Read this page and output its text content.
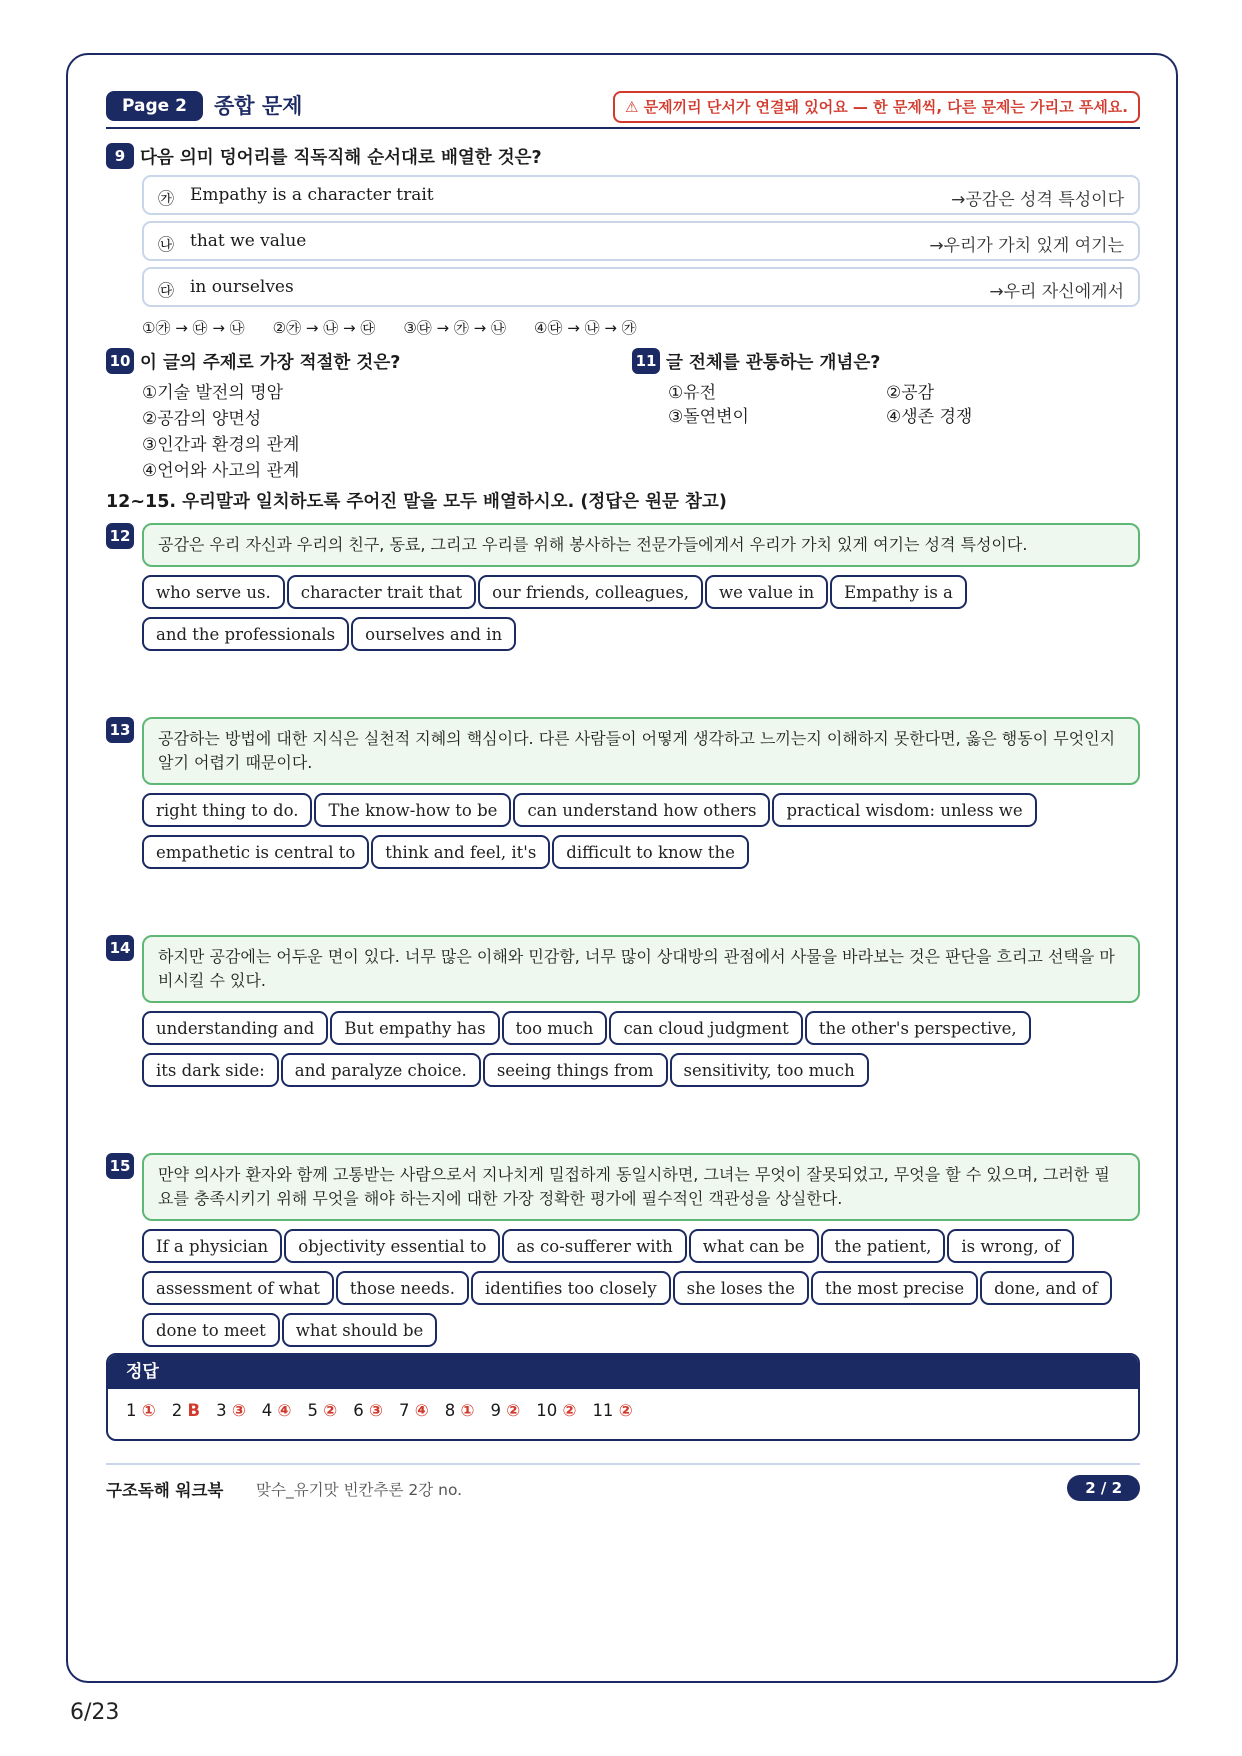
Page 2	종합 문제	⚠ 문제끼리 단서가 연결돼 있어요 — 한 문제씩, 다른 문제는 가리고 푸세요.
9 다음 의미 덩어리를 직독직해 순서대로 배열한 것은?
㉮ Empathy is a character trait	→공감은 성격 특성이다
㉯ that we value	→우리가 가치 있게 여기는
㉰ in ourselves	→우리 자신에게서
①㉮ → ㉰ → ㉯ ②㉮ → ㉯ → ㉰ ③㉰ → ㉮ → ㉯ ④㉰ → ㉯ → ㉮
10 이 글의 주제로 가장 적절한 것은?
①기술 발전의 명암
②공감의 양면성
③인간과 환경의 관계
④언어와 사고의 관계
11 글 전체를 관통하는 개념은?
①유전	②공감
③돌연변이	④생존 경쟁
12~15. 우리말과 일치하도록 주어진 말을 모두 배열하시오. (정답은 원문 참고)
12	공감은 우리 자신과 우리의 친구, 동료, 그리고 우리를 위해 봉사하는 전문가들에게서 우리가 가치 있게 여기는 성격 특성이다.
who serve us. character trait that our friends, colleagues, we value in Empathy is aand the professionals ourselves and in
13	공감하는 방법에 대한 지식은 실천적 지혜의 핵심이다. 다른 사람들이 어떻게 생각하고 느끼는지 이해하지 못한다면, 옳은 행동이 무엇인지 알기 어렵기 때문이다.
right thing to do. The know-how to be can understand how others practical wisdom: unless weempathetic is central to think and feel, it's difficult to know the
14	하지만 공감에는 어두운 면이 있다. 너무 많은 이해와 민감함, 너무 많이 상대방의 관점에서 사물을 바라보는 것은 판단을 흐리고 선택을 마비시킬 수 있다.
understanding and But empathy has too much can cloud judgment the other's perspective,its dark side: and paralyze choice. seeing things from sensitivity, too much
15	만약 의사가 환자와 함께 고통받는 사람으로서 지나치게 밀접하게 동일시하면, 그녀는 무엇이 잘못되었고, 무엇을 할 수 있으며, 그러한 필요를 충족시키기 위해 무엇을 해야 하는지에 대한 가장 정확한 평가에 필수적인 객관성을 상실한다.
If a physician objectivity essential to as co-sufferer with what can be the patient, is wrong, ofassessment of what those needs. identifies too closely she loses the the most precise done, and ofdone to meet what should be
정답
1 ① 2 B 3 ③ 4 ④ 5 ② 6 ③ 7 ④ 8 ① 9 ② 10 ② 11 ②
구조독해 워크북 맞수_유기맛 빈칸추론 2강 no.	2 / 2
6/23
